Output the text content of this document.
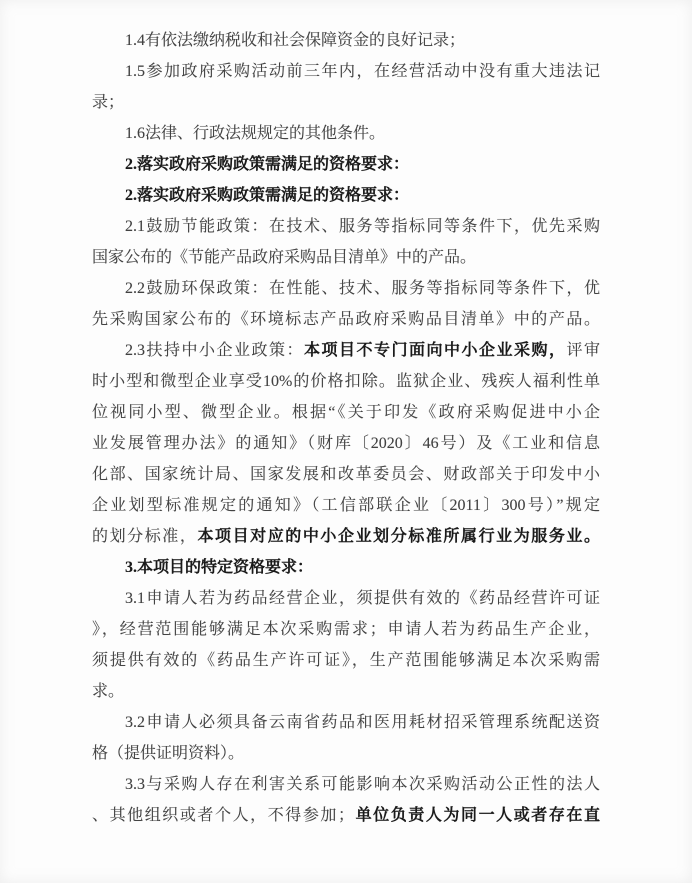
1.4有依法缴纳税收和社会保障资金的良好记录；
1.5参加政府采购活动前三年内，在经营活动中没有重大违法记
录；
1.6法律、行政法规规定的其他条件。
2.落实政府采购政策需满足的资格要求：
2.落实政府采购政策需满足的资格要求：
2.1鼓励节能政策：在技术、服务等指标同等条件下，优先采购
国家公布的《节能产品政府采购品目清单》中的产品。
2.2鼓励环保政策：在性能、技术、服务等指标同等条件下，优
先采购国家公布的《环境标志产品政府采购品目清单》中的产品。
2.3扶持中小企业政策：本项目不专门面向中小企业采购，评审
时小型和微型企业享受10%的价格扣除。监狱企业、残疾人福利性单
位视同小型、微型企业。根据“《关于印发《政府采购促进中小企
业发展管理办法》的通知》（财库〔2020〕46号）及《工业和信息
化部、国家统计局、国家发展和改革委员会、财政部关于印发中小
企业划型标准规定的通知》（工信部联企业〔2011〕300号）”规定
的划分标准，本项目对应的中小企业划分标准所属行业为服务业。
3.本项目的特定资格要求：
3.1申请人若为药品经营企业，须提供有效的《药品经营许可证
》，经营范围能够满足本次采购需求；申请人若为药品生产企业，
须提供有效的《药品生产许可证》，生产范围能够满足本次采购需
求。
3.2申请人必须具备云南省药品和医用耗材招采管理系统配送资
格（提供证明资料）。
3.3与采购人存在利害关系可能影响本次采购活动公正性的法人
、其他组织或者个人，不得参加；单位负责人为同一人或者存在直
